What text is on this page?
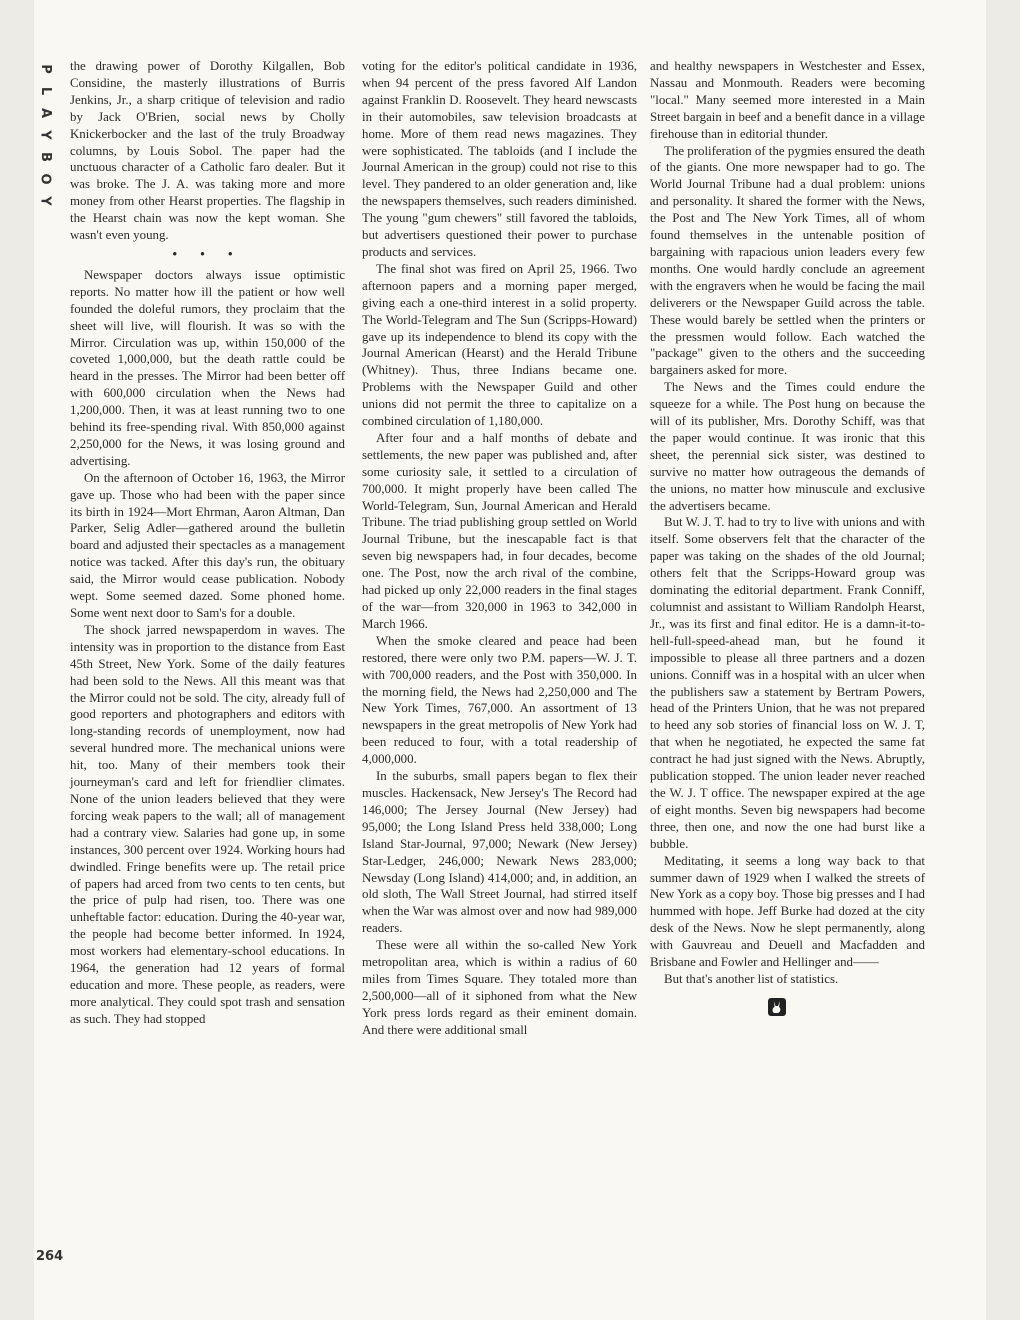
P
L
A
Y
B
O
Y
264

the drawing power of Dorothy Kilgallen, Bob Considine, the masterly illustrations of Burris Jenkins, Jr., a sharp critique of television and radio by Jack O'Brien, social news by Cholly Knickerbocker and the last of the truly Broadway columns, by Louis Sobol. The paper had the unctuous character of a Catholic faro dealer. But it was broke. The J. A. was taking more and more money from other Hearst properties. The flagship in the Hearst chain was now the kept woman. She wasn't even young.

• • •

Newspaper doctors always issue optimistic reports. No matter how ill the patient or how well founded the doleful rumors, they proclaim that the sheet will live, will flourish. It was so with the Mirror. Circulation was up, within 150,000 of the coveted 1,000,000, but the death rattle could be heard in the presses. The Mirror had been better off with 600,000 circulation when the News had 1,200,000. Then, it was at least running two to one behind its free-spending rival. With 850,000 against 2,250,000 for the News, it was losing ground and advertising.

On the afternoon of October 16, 1963, the Mirror gave up. Those who had been with the paper since its birth in 1924—Mort Ehrman, Aaron Altman, Dan Parker, Selig Adler—gathered around the bulletin board and adjusted their spectacles as a management notice was tacked. After this day's run, the obituary said, the Mirror would cease publication. Nobody wept. Some seemed dazed. Some phoned home. Some went next door to Sam's for a double.

The shock jarred newspaperdom in waves. The intensity was in proportion to the distance from East 45th Street, New York. Some of the daily features had been sold to the News. All this meant was that the Mirror could not be sold. The city, already full of good reporters and photographers and editors with long-standing records of unemployment, now had several hundred more. The mechanical unions were hit, too. Many of their members took their journeyman's card and left for friendlier climates. None of the union leaders believed that they were forcing weak papers to the wall; all of management had a contrary view. Salaries had gone up, in some instances, 300 percent over 1924. Working hours had dwindled. Fringe benefits were up. The retail price of papers had arced from two cents to ten cents, but the price of pulp had risen, too. There was one unheftable factor: education. During the 40-year war, the people had become better informed. In 1924, most workers had elementary-school educations. In 1964, the generation had 12 years of formal education and more. These people, as readers, were more analytical. They could spot trash and sensation as such. They had stopped

voting for the editor's political candidate in 1936, when 94 percent of the press favored Alf Landon against Franklin D. Roosevelt. They heard newscasts in their automobiles, saw television broadcasts at home. More of them read news magazines. They were sophisticated. The tabloids (and I include the Journal American in the group) could not rise to this level. They pandered to an older generation and, like the newspapers themselves, such readers diminished. The young "gum chewers" still favored the tabloids, but advertisers questioned their power to purchase products and services.

The final shot was fired on April 25, 1966. Two afternoon papers and a morning paper merged, giving each a one-third interest in a solid property. The World-Telegram and The Sun (Scripps-Howard) gave up its independence to blend its copy with the Journal American (Hearst) and the Herald Tribune (Whitney). Thus, three Indians became one. Problems with the Newspaper Guild and other unions did not permit the three to capitalize on a combined circulation of 1,180,000.

After four and a half months of debate and settlements, the new paper was published and, after some curiosity sale, it settled to a circulation of 700,000. It might properly have been called The World-Telegram, Sun, Journal American and Herald Tribune. The triad publishing group settled on World Journal Tribune, but the inescapable fact is that seven big newspapers had, in four decades, become one. The Post, now the arch rival of the combine, had picked up only 22,000 readers in the final stages of the war—from 320,000 in 1963 to 342,000 in March 1966.

When the smoke cleared and peace had been restored, there were only two P.M. papers—W. J. T. with 700,000 readers, and the Post with 350,000. In the morning field, the News had 2,250,000 and The New York Times, 767,000. An assortment of 13 newspapers in the great metropolis of New York had been reduced to four, with a total readership of 4,000,000.

In the suburbs, small papers began to flex their muscles. Hackensack, New Jersey's The Record had 146,000; The Jersey Journal (New Jersey) had 95,000; the Long Island Press held 338,000; Long Island Star-Journal, 97,000; Newark (New Jersey) Star-Ledger, 246,000; Newark News 283,000; Newsday (Long Island) 414,000; and, in addition, an old sloth, The Wall Street Journal, had stirred itself when the War was almost over and now had 989,000 readers.

These were all within the so-called New York metropolitan area, which is within a radius of 60 miles from Times Square. They totaled more than 2,500,000—all of it siphoned from what the New York press lords regard as their eminent domain. And there were additional small

and healthy newspapers in Westchester and Essex, Nassau and Monmouth. Readers were becoming "local." Many seemed more interested in a Main Street bargain in beef and a benefit dance in a village firehouse than in editorial thunder.

The proliferation of the pygmies ensured the death of the giants. One more newspaper had to go. The World Journal Tribune had a dual problem: unions and personality. It shared the former with the News, the Post and The New York Times, all of whom found themselves in the untenable position of bargaining with rapacious union leaders every few months. One would hardly conclude an agreement with the engravers when he would be facing the mail deliverers or the Newspaper Guild across the table. These would barely be settled when the printers or the pressmen would follow. Each watched the "package" given to the others and the succeeding bargainers asked for more.

The News and the Times could endure the squeeze for a while. The Post hung on because the will of its publisher, Mrs. Dorothy Schiff, was that the paper would continue. It was ironic that this sheet, the perennial sick sister, was destined to survive no matter how outrageous the demands of the unions, no matter how minuscule and exclusive the advertisers became.

But W. J. T. had to try to live with unions and with itself. Some observers felt that the character of the paper was taking on the shades of the old Journal; others felt that the Scripps-Howard group was dominating the editorial department. Frank Conniff, columnist and assistant to William Randolph Hearst, Jr., was its first and final editor. He is a damn-it-to-hell-full-speed-ahead man, but he found it impossible to please all three partners and a dozen unions. Conniff was in a hospital with an ulcer when the publishers saw a statement by Bertram Powers, head of the Printers Union, that he was not prepared to heed any sob stories of financial loss on W. J. T, that when he negotiated, he expected the same fat contract he had just signed with the News. Abruptly, publication stopped. The union leader never reached the W. J. T office. The newspaper expired at the age of eight months. Seven big newspapers had become three, then one, and now the one had burst like a bubble.

Meditating, it seems a long way back to that summer dawn of 1929 when I walked the streets of New York as a copy boy. Those big presses and I had hummed with hope. Jeff Burke had dozed at the city desk of the News. Now he slept permanently, along with Gauvreau and Deuell and Macfadden and Brisbane and Fowler and Hellinger and——

But that's another list of statistics.
